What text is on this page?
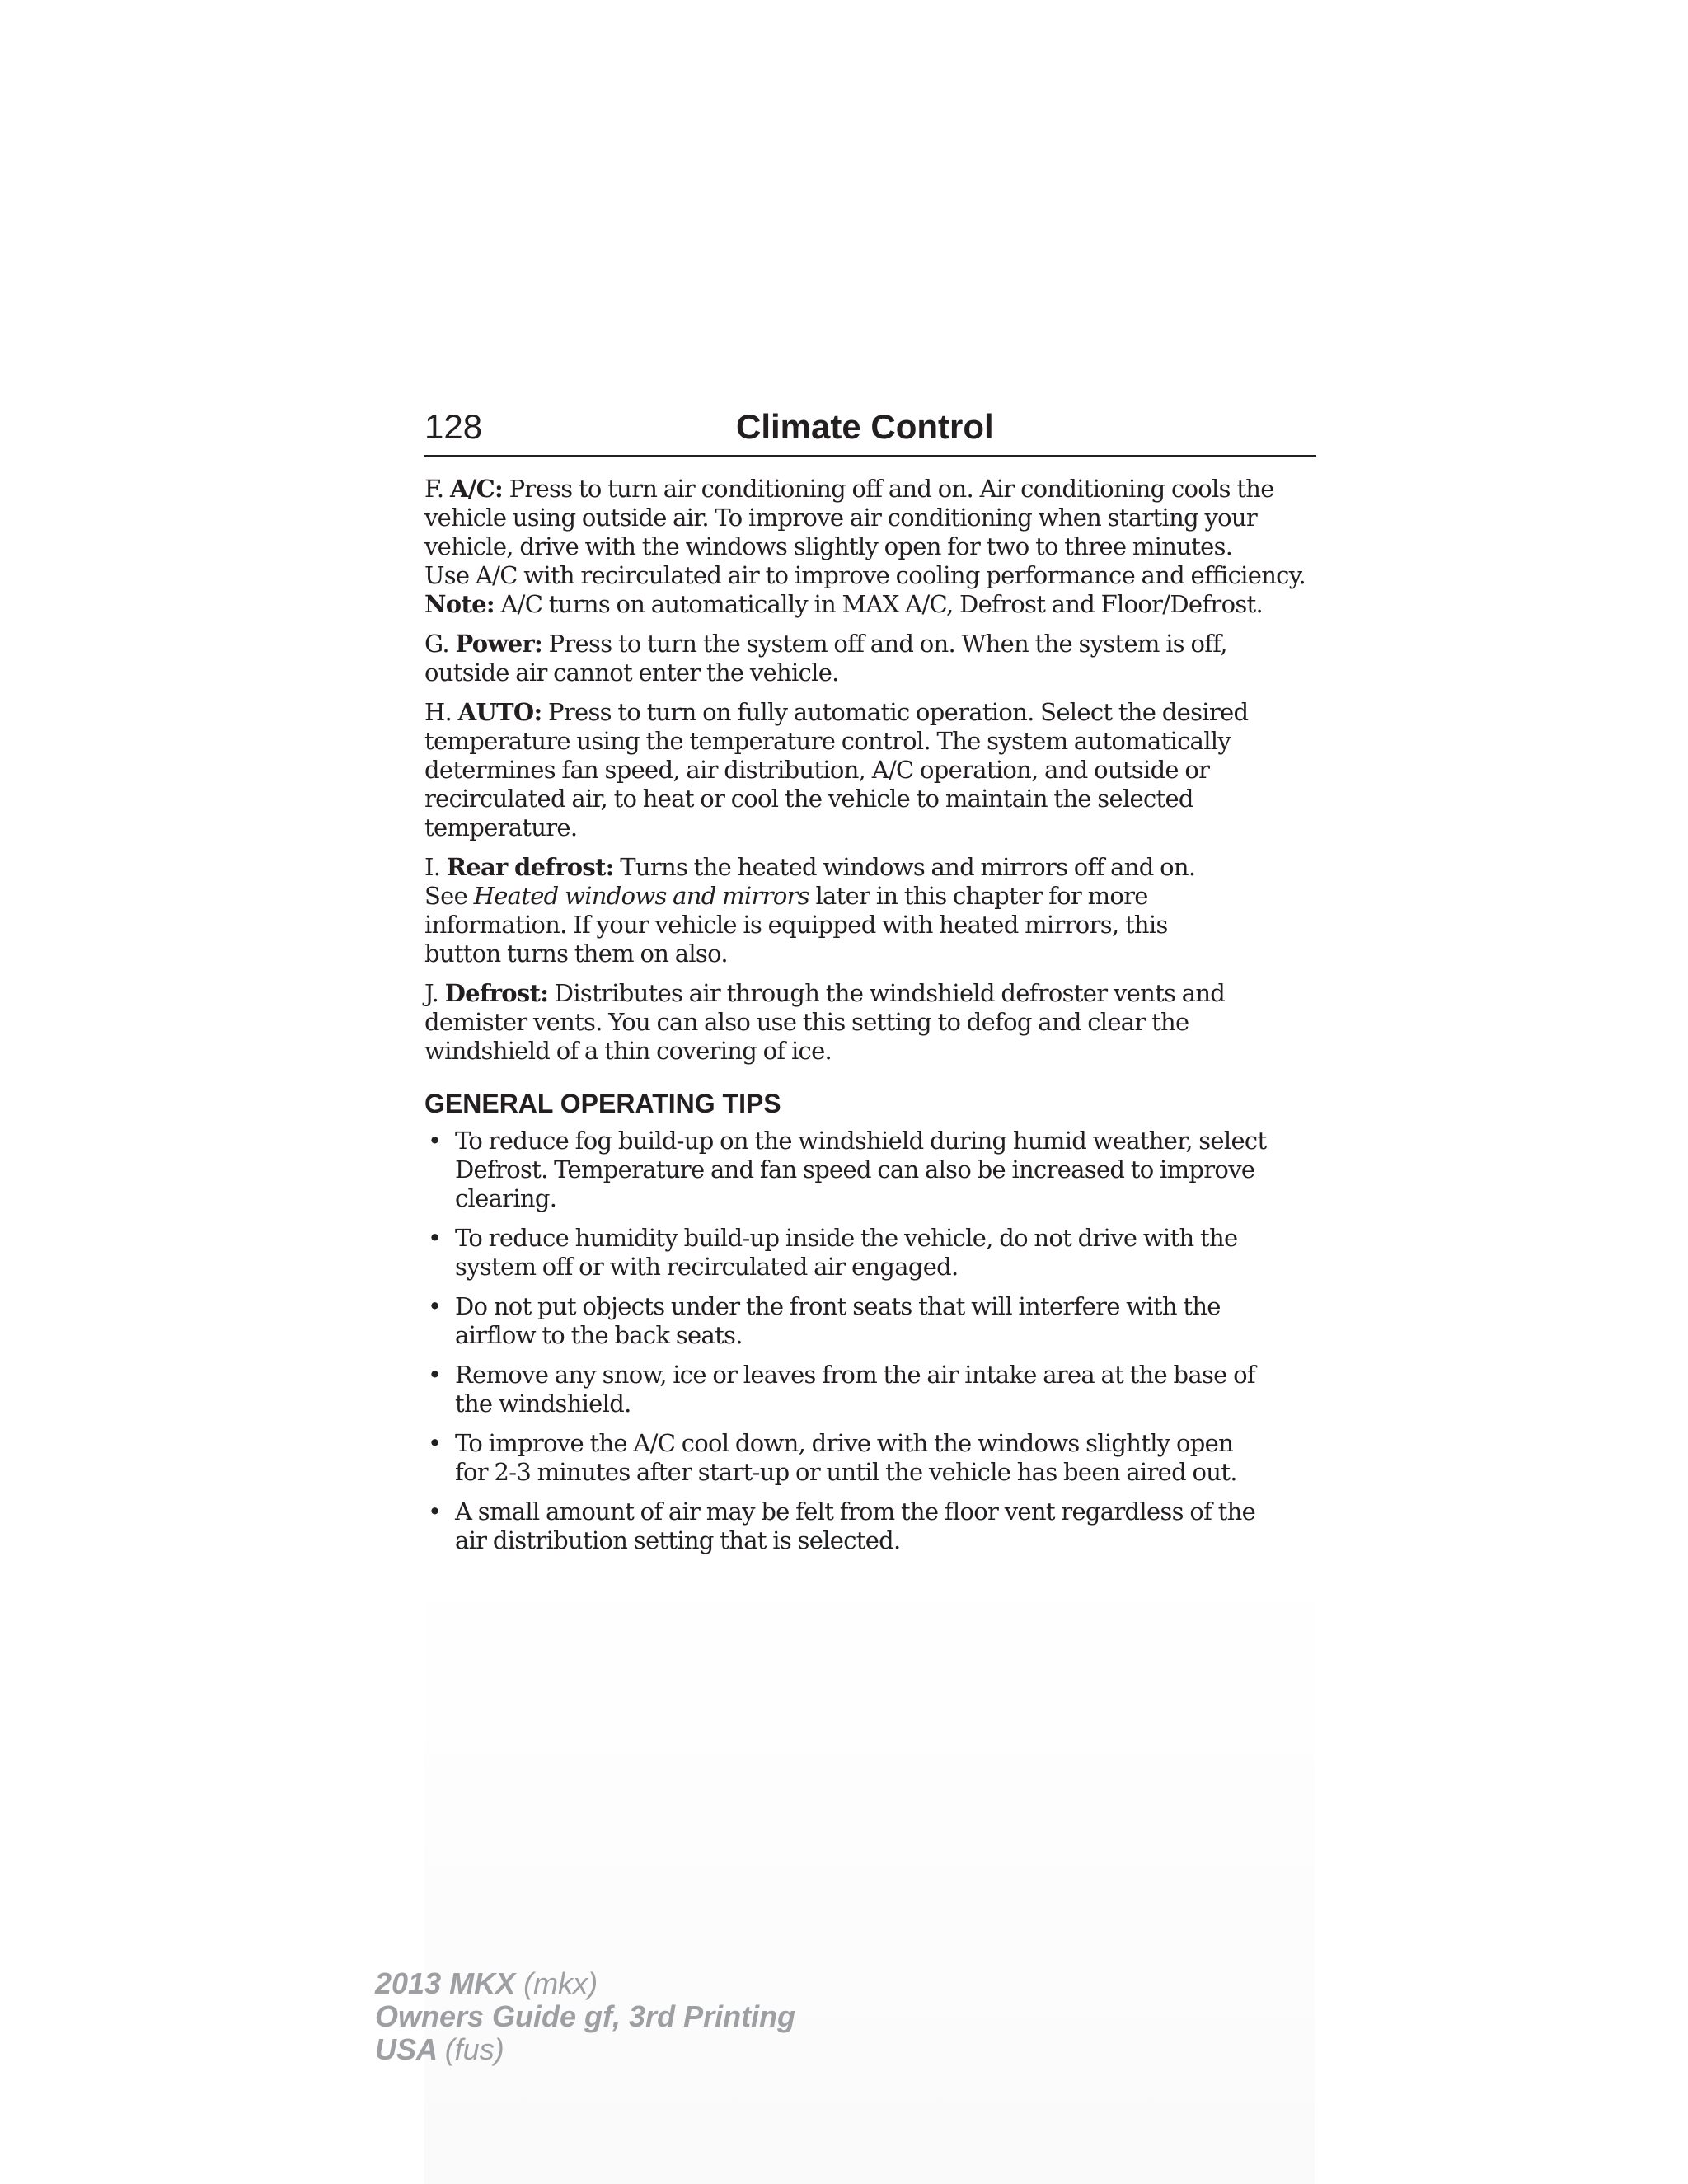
128	Climate Control
F. A/C: Press to turn air conditioning off and on. Air conditioning cools the
vehicle using outside air. To improve air conditioning when starting your
vehicle, drive with the windows slightly open for two to three minutes.
Use A/C with recirculated air to improve cooling performance and efficiency.
Note: A/C turns on automatically in MAX A/C, Defrost and Floor/Defrost.
G. Power: Press to turn the system off and on. When the system is off,
outside air cannot enter the vehicle.
H. AUTO: Press to turn on fully automatic operation. Select the desired
temperature using the temperature control. The system automatically
determines fan speed, air distribution, A/C operation, and outside or
recirculated air, to heat or cool the vehicle to maintain the selected
temperature.
I. Rear defrost: Turns the heated windows and mirrors off and on.
See Heated windows and mirrors later in this chapter for more
information. If your vehicle is equipped with heated mirrors, this
button turns them on also.
J. Defrost: Distributes air through the windshield defroster vents and
demister vents. You can also use this setting to defog and clear the
windshield of a thin covering of ice.
GENERAL OPERATING TIPS
• To reduce fog build-up on the windshield during humid weather, select
Defrost. Temperature and fan speed can also be increased to improve
clearing.
• To reduce humidity build-up inside the vehicle, do not drive with the
system off or with recirculated air engaged.
• Do not put objects under the front seats that will interfere with the
airflow to the back seats.
• Remove any snow, ice or leaves from the air intake area at the base of
the windshield.
• To improve the A/C cool down, drive with the windows slightly open
for 2-3 minutes after start-up or until the vehicle has been aired out.
• A small amount of air may be felt from the floor vent regardless of the
air distribution setting that is selected.
2013 MKX (mkx)
Owners Guide gf, 3rd Printing
USA (fus)
